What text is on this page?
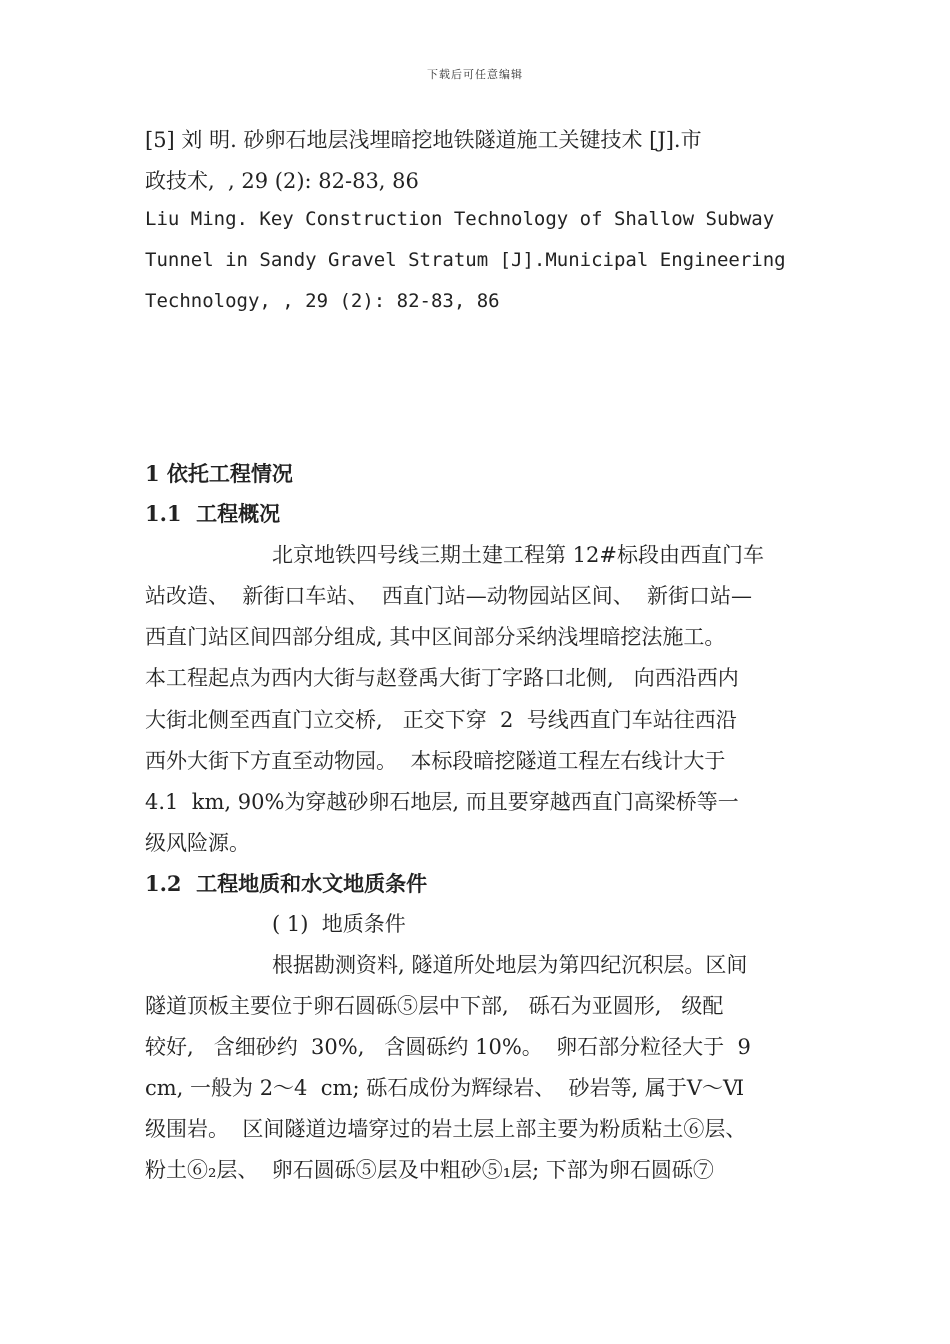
下载后可任意编辑
[5] 刘 明. 砂卵石地层浅埋暗挖地铁隧道施工关键技术 [J].市
政技术,  , 29 (2): 82-83, 86
Liu Ming. Key Construction Technology of Shallow Subway
Tunnel in Sandy Gravel Stratum [J].Municipal Engineering
Technology, , 29 (2): 82-83, 86
1 依托工程情况
1.1  工程概况
北京地铁四号线三期土建工程第 12#标段由西直门车
站改造、  新街口车站、  西直门站—动物园站区间、  新街口站—
西直门站区间四部分组成, 其中区间部分采纳浅埋暗挖法施工。
本工程起点为西内大街与赵登禹大街丁字路口北侧,   向西沿西内
大街北侧至西直门立交桥,   正交下穿  2  号线西直门车站往西沿
西外大街下方直至动物园。  本标段暗挖隧道工程左右线计大于
4.1  km, 90%为穿越砂卵石地层, 而且要穿越西直门高梁桥等一
级风险源。
1.2  工程地质和水文地质条件
( 1)  地质条件
根据勘测资料, 隧道所处地层为第四纪沉积层。区间
隧道顶板主要位于卵石圆砾⑤层中下部,   砾石为亚圆形,   级配
较好,   含细砂约  30%,   含圆砾约 10%。  卵石部分粒径大于  9
cm, 一般为 2～4  cm; 砾石成份为辉绿岩、  砂岩等, 属于Ⅴ～Ⅵ
级围岩。  区间隧道边墙穿过的岩土层上部主要为粉质粘土⑥层、
粉土⑥₂层、  卵石圆砾⑤层及中粗砂⑤₁层; 下部为卵石圆砾⑦
